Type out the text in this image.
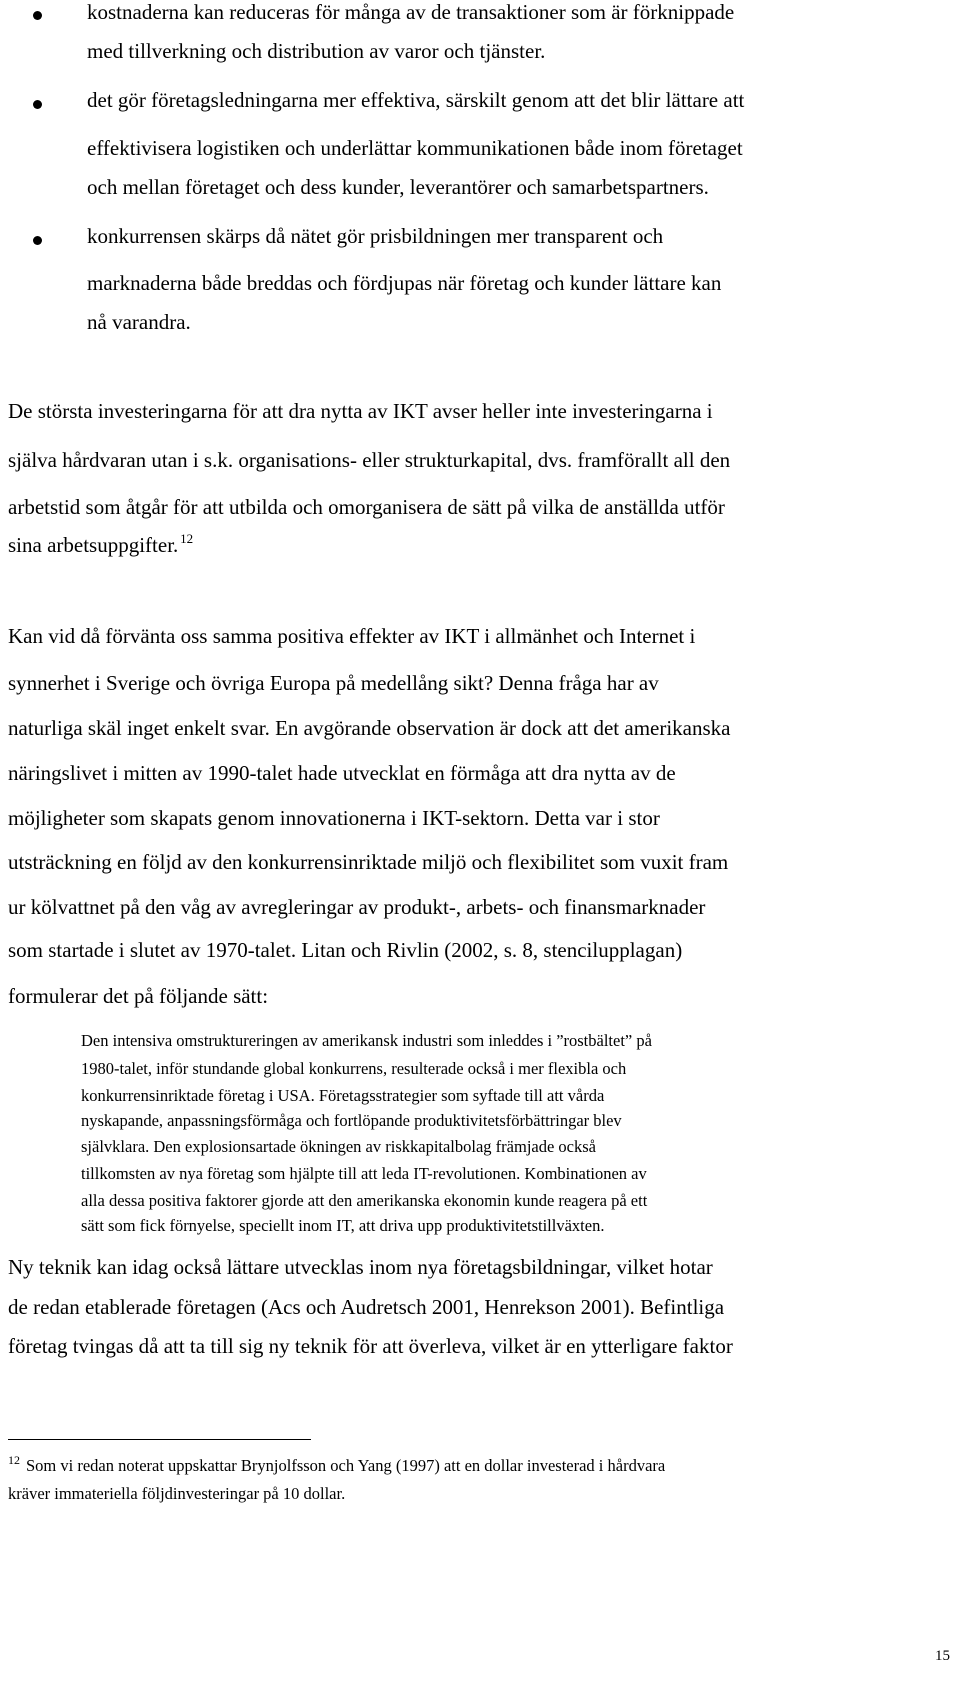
kostnaderna kan reduceras för många av de transaktioner som är förknippade
med tillverkning och distribution av varor och tjänster.
det gör företagsledningarna mer effektiva, särskilt genom att det blir lättare att
effektivisera logistiken och underlättar kommunikationen både inom företaget
och mellan företaget och dess kunder, leverantörer och samarbetspartners.
konkurrensen skärps då nätet gör prisbildningen mer transparent och
marknaderna både breddas och fördjupas när företag och kunder lättare kan
nå varandra.
De största investeringarna för att dra nytta av IKT avser heller inte investeringarna i
själva hårdvaran utan i s.k. organisations- eller strukturkapital, dvs. framförallt all den
arbetstid som åtgår för att utbilda och omorganisera de sätt på vilka de anställda utför
sina arbetsuppgifter.  $^{12}$
Kan vid då förvänta oss samma positiva effekter av IKT i allmänhet och Internet i
synnerhet i Sverige och övriga Europa på medellång sikt? Denna fråga har av
naturliga skäl inget enkelt svar. En avgörande observation är dock att det amerikanska
näringslivet i mitten av 1990-talet hade utvecklat en förmåga att dra nytta av de
möjligheter som skapats genom innovationerna i IKT-sektorn. Detta var i stor
utsträckning en följd av den konkurrensinriktade miljö och flexibilitet som vuxit fram
ur kölvattnet på den våg av avregleringar av produkt-, arbets- och finansmarknader
som startade i slutet av 1970-talet. Litan och Rivlin (2002, s. 8, stencilupplagan)
formulerar det på följande sätt:
Den intensiva omstruktureringen av amerikansk industri som inleddes i ”rostbältet” på
1980-talet, inför stundande global konkurrens, resulterade också i mer flexibla och
konkurrensinriktade företag i USA. Företagsstrategier som syftade till att vårda
nyskapande, anpassningsförmåga och fortlöpande produktivitetsförbättringar blev
självklara. Den explosionsartade ökningen av riskkapitalbolag främjade också
tillkomsten av nya företag som hjälpte till att leda IT-revolutionen. Kombinationen av
alla dessa positiva faktorer gjorde att den amerikanska ekonomin kunde reagera på ett
sätt som fick förnyelse, speciellt inom IT, att driva upp produktivitetstillväxten.
Ny teknik kan idag också lättare utvecklas inom nya företagsbildningar, vilket hotar
de redan etablerade företagen (Acs och Audretsch 2001, Henrekson 2001). Befintliga
företag tvingas då att ta till sig ny teknik för att överleva, vilket är en ytterligare faktor
$^{12}$ Som vi redan noterat uppskattar Brynjolfsson och Yang (1997) att en dollar investerad i hårdvara
kräver immateriella följdinvesteringar på 10 dollar.
15
